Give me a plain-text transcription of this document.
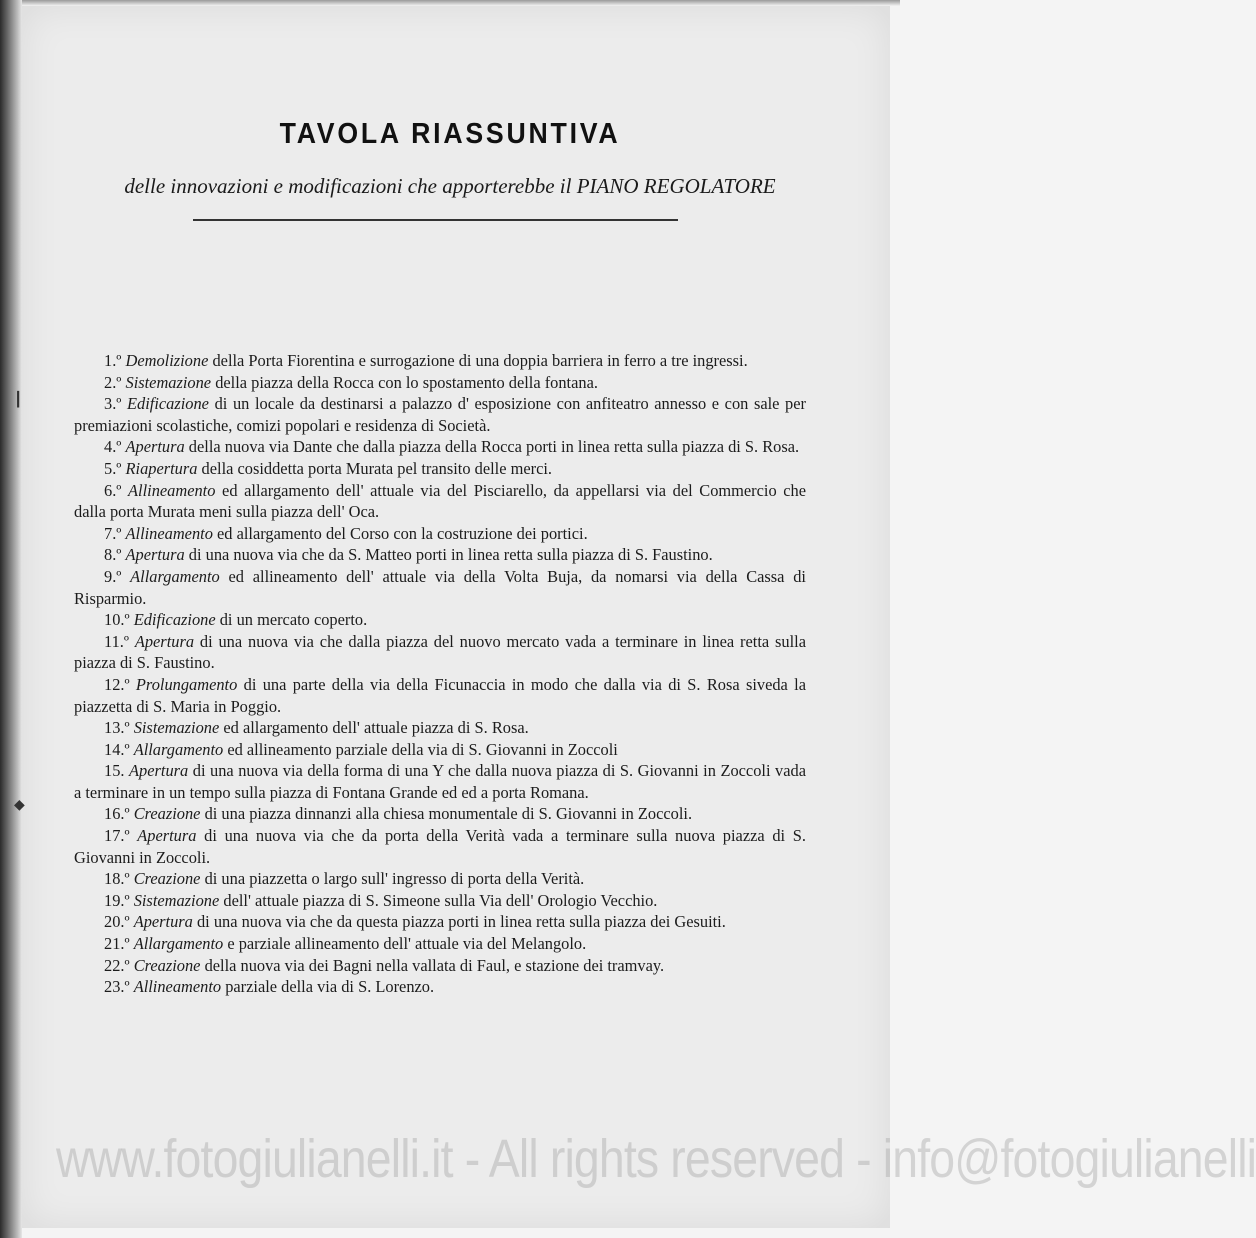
┃
◆
TAVOLA RIASSUNTIVA
delle innovazioni e modificazioni che apporterebbe il PIANO REGOLATORE

1.º Demolizione della Porta Fiorentina e surrogazione di una doppia barriera in ferro a tre ingressi.

2.º Sistemazione della piazza della Rocca con lo spostamento della fontana.

3.º Edificazione di un locale da destinarsi a palazzo d' esposizione con anfiteatro annesso e con sale per premiazioni scolastiche, comizi popolari e residenza di Società.

4.º Apertura della nuova via Dante che dalla piazza della Rocca porti in linea retta sulla piazza di S. Rosa.

5.º Riapertura della cosiddetta porta Murata pel transito delle merci.

6.º Allineamento ed allargamento dell' attuale via del Pisciarello, da appellarsi via del Commercio che dalla porta Murata meni sulla piazza dell' Oca.

7.º Allineamento ed allargamento del Corso con la costruzione dei portici.

8.º Apertura di una nuova via che da S. Matteo porti in linea retta sulla piazza di S. Faustino.

9.º Allargamento ed allineamento dell' attuale via della Volta Buja, da nomarsi via della Cassa di Risparmio.

10.º Edificazione di un mercato coperto.

11.º Apertura di una nuova via che dalla piazza del nuovo mercato vada a terminare in linea retta sulla piazza di S. Faustino.

12.º Prolungamento di una parte della via della Ficunaccia in modo che dalla via di S. Rosa siveda la piazzetta di S. Maria in Poggio.

13.º Sistemazione ed allargamento dell' attuale piazza di S. Rosa.

14.º Allargamento ed allineamento parziale della via di S. Giovanni in Zoccoli

15. Apertura di una nuova via della forma di una Y che dalla nuova piazza di S. Giovanni in Zoccoli vada a terminare in un tempo sulla piazza di Fontana Grande ed ed a porta Romana.

16.º Creazione di una piazza dinnanzi alla chiesa monumentale di S. Giovanni in Zoccoli.

17.º Apertura di una nuova via che da porta della Verità vada a terminare sulla nuova piazza di S. Giovanni in Zoccoli.

18.º Creazione di una piazzetta o largo sull' ingresso di porta della Verità.

19.º Sistemazione dell' attuale piazza di S. Simeone sulla Via dell' Orologio Vecchio.

20.º Apertura di una nuova via che da questa piazza porti in linea retta sulla piazza dei Gesuiti.

21.º Allargamento e parziale allineamento dell' attuale via del Melangolo.

22.º Creazione della nuova via dei Bagni nella vallata di Faul, e stazione dei tramvay.

23.º Allineamento parziale della via di S. Lorenzo.

www.fotogiulianelli.it - All rights reserved - info@fotogiulianelli
